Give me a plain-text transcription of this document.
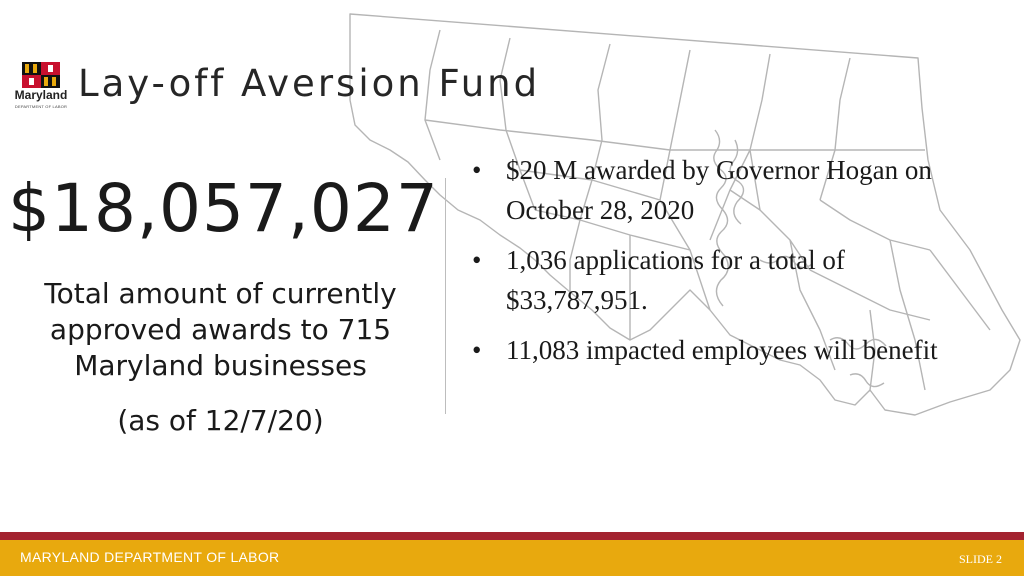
Maryland
DEPARTMENT OF LABOR
Lay-off Aversion Fund
$18,057,027
Total amount of currently
approved awards to 715
Maryland businesses
(as of 12/7/20)
• $20 M awarded by Governor Hogan on October 28, 2020
• 1,036 applications for a total of $33,787,951.
• 11,083 impacted employees will benefit
MARYLAND DEPARTMENT OF LABOR	SLIDE 2
